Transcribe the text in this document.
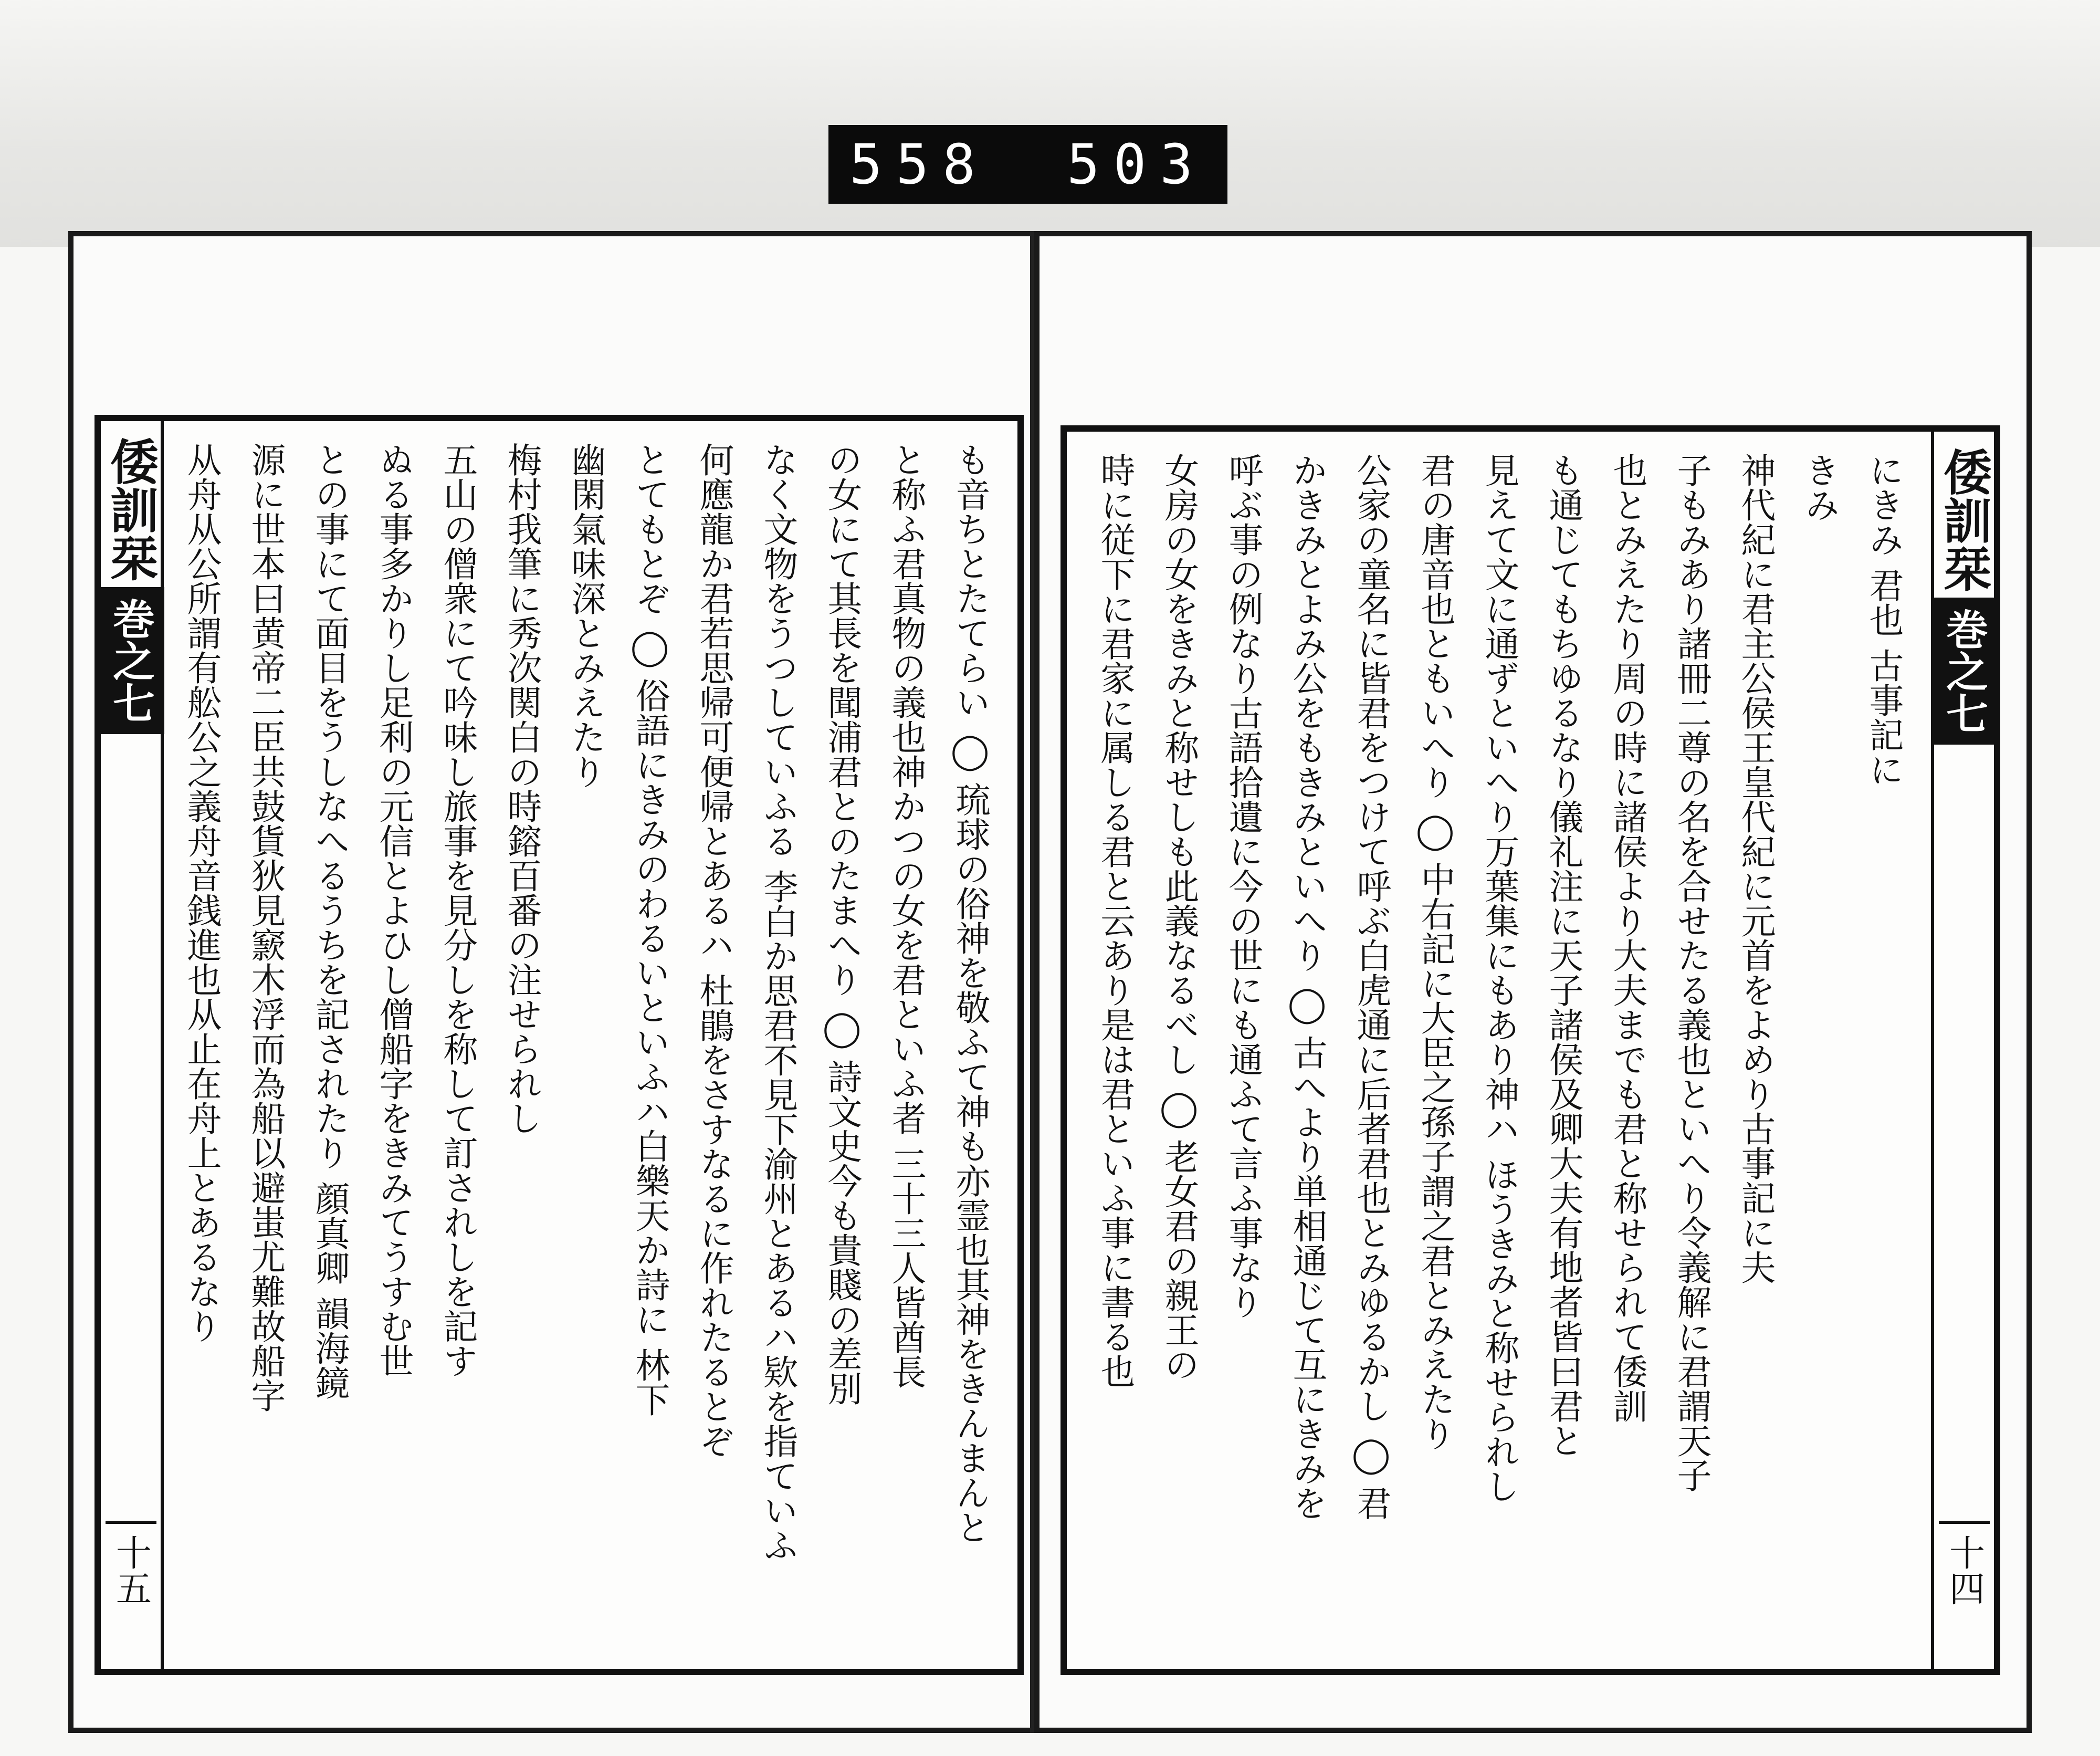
558 503
倭訓栞
巻之七
十五
も音ちとたてらい ◯ 琉球の俗神を敬ふて神も亦霊也其神をきんまんと
と称ふ君真物の義也神かつの女を君といふ者 三十三人皆酋長
の女にて其長を聞浦君とのたまへり ◯ 詩文史今も貴賤の差別
なく文物をうつしていふる 李白か思君不見下渝州とあるハ欵を指ていふ
何應龍か君若思帰可便帰とあるハ 杜鵑をさすなるに作れたるとぞ
とてもとぞ ◯ 俗語にきみのわるいといふハ白樂天か詩に 林下
幽閑氣味深とみえたり
梅村我筆に秀次関白の時鎔百番の注せられし
五山の僧衆にて吟味し旅事を見分しを称して訂されしを記す
ぬる事多かりし足利の元信とよひし僧船字をきみてうすむ世
との事にて面目をうしなへるうちを記されたり 顔真卿 韻海鏡
源に世本曰黄帝二臣共鼓貨狄見窾木浮而為船以避蚩尤難故船字
从舟从公所謂有舩公之義舟音銭進也从止在舟上とあるなり	倭訓栞
巻之七
十四
にきみ 君也 古事記に
きみ
神代紀に君主公侯王皇代紀に元首をよめり古事記に夫
子もみあり諸冊二尊の名を合せたる義也といへり令義解に君謂天子
也とみえたり周の時に諸侯より大夫までも君と称せられて倭訓
も通じてもちゆるなり儀礼注に天子諸侯及卿大夫有地者皆曰君と
見えて文に通ずといへり万葉集にもあり神ハ ほうきみと称せられし
君の唐音也ともいへり ◯ 中右記に大臣之孫子謂之君とみえたり
公家の童名に皆君をつけて呼ぶ白虎通に后者君也とみゆるかし ◯ 君
かきみとよみ公をもきみといへり ◯ 古へより単相通じて互にきみを
呼ぶ事の例なり古語拾遺に今の世にも通ふて言ふ事なり
女房の女をきみと称せしも此義なるべし ◯ 老女君の親王の
時に従下に君家に属しる君と云あり是は君といふ事に書る也
